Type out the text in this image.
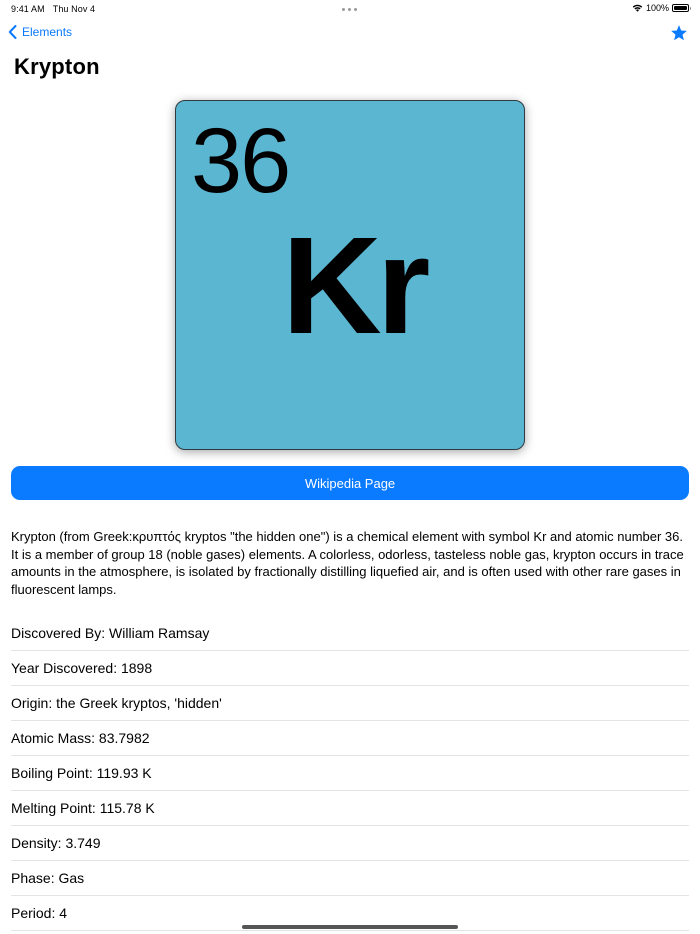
9:41 AM Thu Nov 4	100%
Elements
Krypton
36
Kr
Wikipedia Page

Krypton (from Greek:κρυπτός kryptos "the hidden one") is a chemical element with symbol Kr and atomic number 36. It is a member of group 18 (noble gases) elements. A colorless, odorless, tasteless noble gas, krypton occurs in trace amounts in the atmosphere, is isolated by fractionally distilling liquefied air, and is often used with other rare gases in fluorescent lamps.

Discovered By: William Ramsay
Year Discovered: 1898
Origin: the Greek kryptos, 'hidden'
Atomic Mass: 83.7982
Boiling Point: 119.93 K
Melting Point: 115.78 K
Density: 3.749
Phase: Gas
Period: 4
